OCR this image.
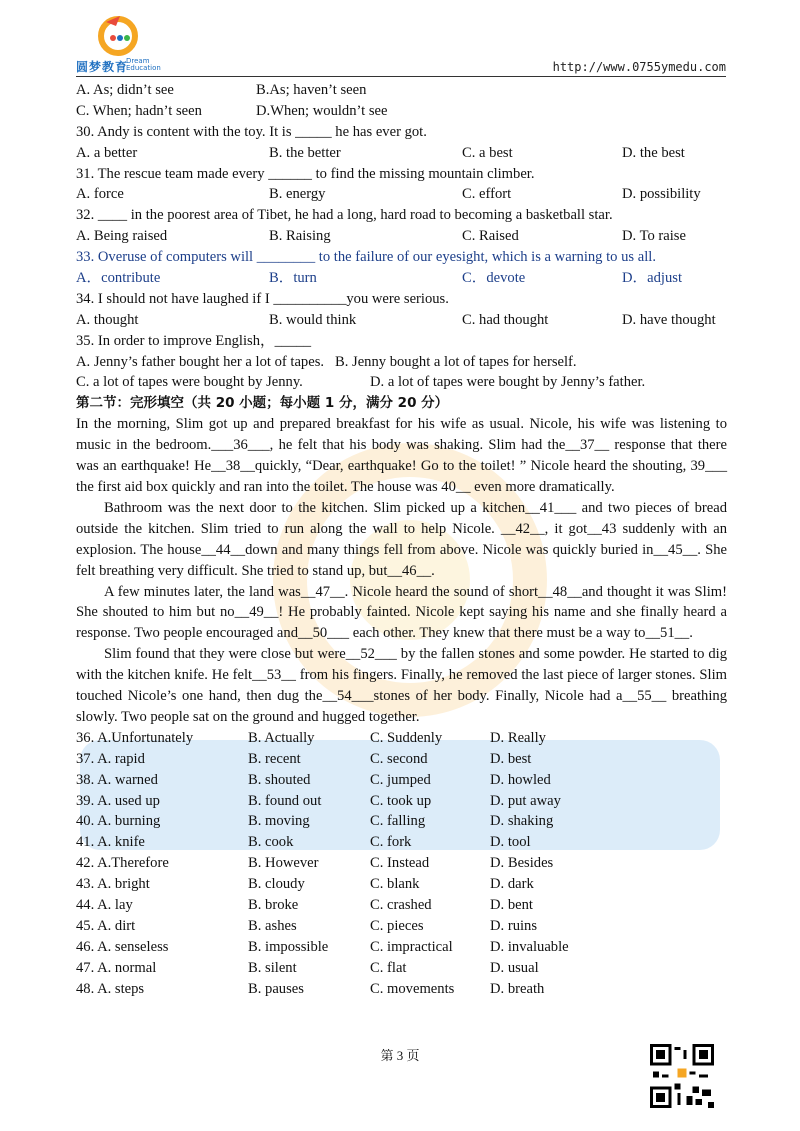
圆梦教育
Dream
Education	http://www.0755ymedu.com
A. As; didn’t see	B.As; haven’t seen
C. When; hadn’t seen	D.When; wouldn’t see
30. Andy is content with the toy. It is _____ he has ever got.
A. a better	B. the better	C. a best	D. the best
31. The rescue team made every ______ to find the missing mountain climber.
A. force	B. energy	C. effort	D. possibility
32. ____ in the poorest area of Tibet, he had a long, hard road to becoming a basketball star.
A. Being raised	B. Raising	C. Raised	D. To raise
33. Overuse of computers will ________ to the failure of our eyesight, which is a warning to us all.
A．contribute	B．turn	C．devote	D．adjust
34. I should not have laughed if I __________you were serious.
A. thought	B. would think	C. had thought	D. have thought
35. In order to improve English，_____
A. Jenny’s father bought her a lot of tapes. B. Jenny bought a lot of tapes for herself.
C. a lot of tapes were bought by Jenny.	D. a lot of tapes were bought by Jenny’s father.
第二节：完形填空（共 20 小题；每小题 1 分，满分 20 分）

In the morning, Slim got up and prepared breakfast for his wife as usual. Nicole, his wife was listening to music in the bedroom.___36___, he felt that his body was shaking. Slim had the__37__ response that there was an earthquake! He__38__quickly, “Dear, earthquake! Go to the toilet! ” Nicole heard the shouting, 39___ the first aid box quickly and ran into the toilet. The house was 40__ even more dramatically.

Bathroom was the next door to the kitchen. Slim picked up a kitchen__41___ and two pieces of bread outside the kitchen. Slim tried to run along the wall to help Nicole. __42__, it got__43 suddenly with an explosion. The house__44__down and many things fell from above. Nicole was quickly buried in__45__. She felt breathing very difficult. She tried to stand up, but__46__.

A few minutes later, the land was__47__. Nicole heard the sound of short__48__and thought it was Slim! She shouted to him but no__49__! He probably fainted. Nicole kept saying his name and she finally heard a response. Two people encouraged and__50___ each other. They knew that there must be a way to__51__.

Slim found that they were close but were__52___ by the fallen stones and some powder. He started to dig with the kitchen knife. He felt__53__ from his fingers. Finally, he removed the last piece of larger stones. Slim touched Nicole’s one hand, then dug the__54___stones of her body. Finally, Nicole had a__55__ breathing slowly. Two people sat on the ground and hugged together.

36. A.Unfortunately	B. Actually	C. Suddenly	D. Really
37. A. rapid	B. recent	C. second	D. best
38. A. warned	B. shouted	C. jumped	D. howled
39. A. used up	B. found out	C. took up	D. put away
40. A. burning	B. moving	C. falling	D. shaking
41. A. knife	B. cook	C. fork	D. tool
42. A.Therefore	B. However	C. Instead	D. Besides
43. A. bright	B. cloudy	C. blank	D. dark
44. A. lay	B. broke	C. crashed	D. bent
45. A. dirt	B. ashes	C. pieces	D. ruins
46. A. senseless	B. impossible	C. impractical	D. invaluable
47. A. normal	B. silent	C. flat	D. usual
48. A. steps	B. pauses	C. movements D. breath
第 3 页
